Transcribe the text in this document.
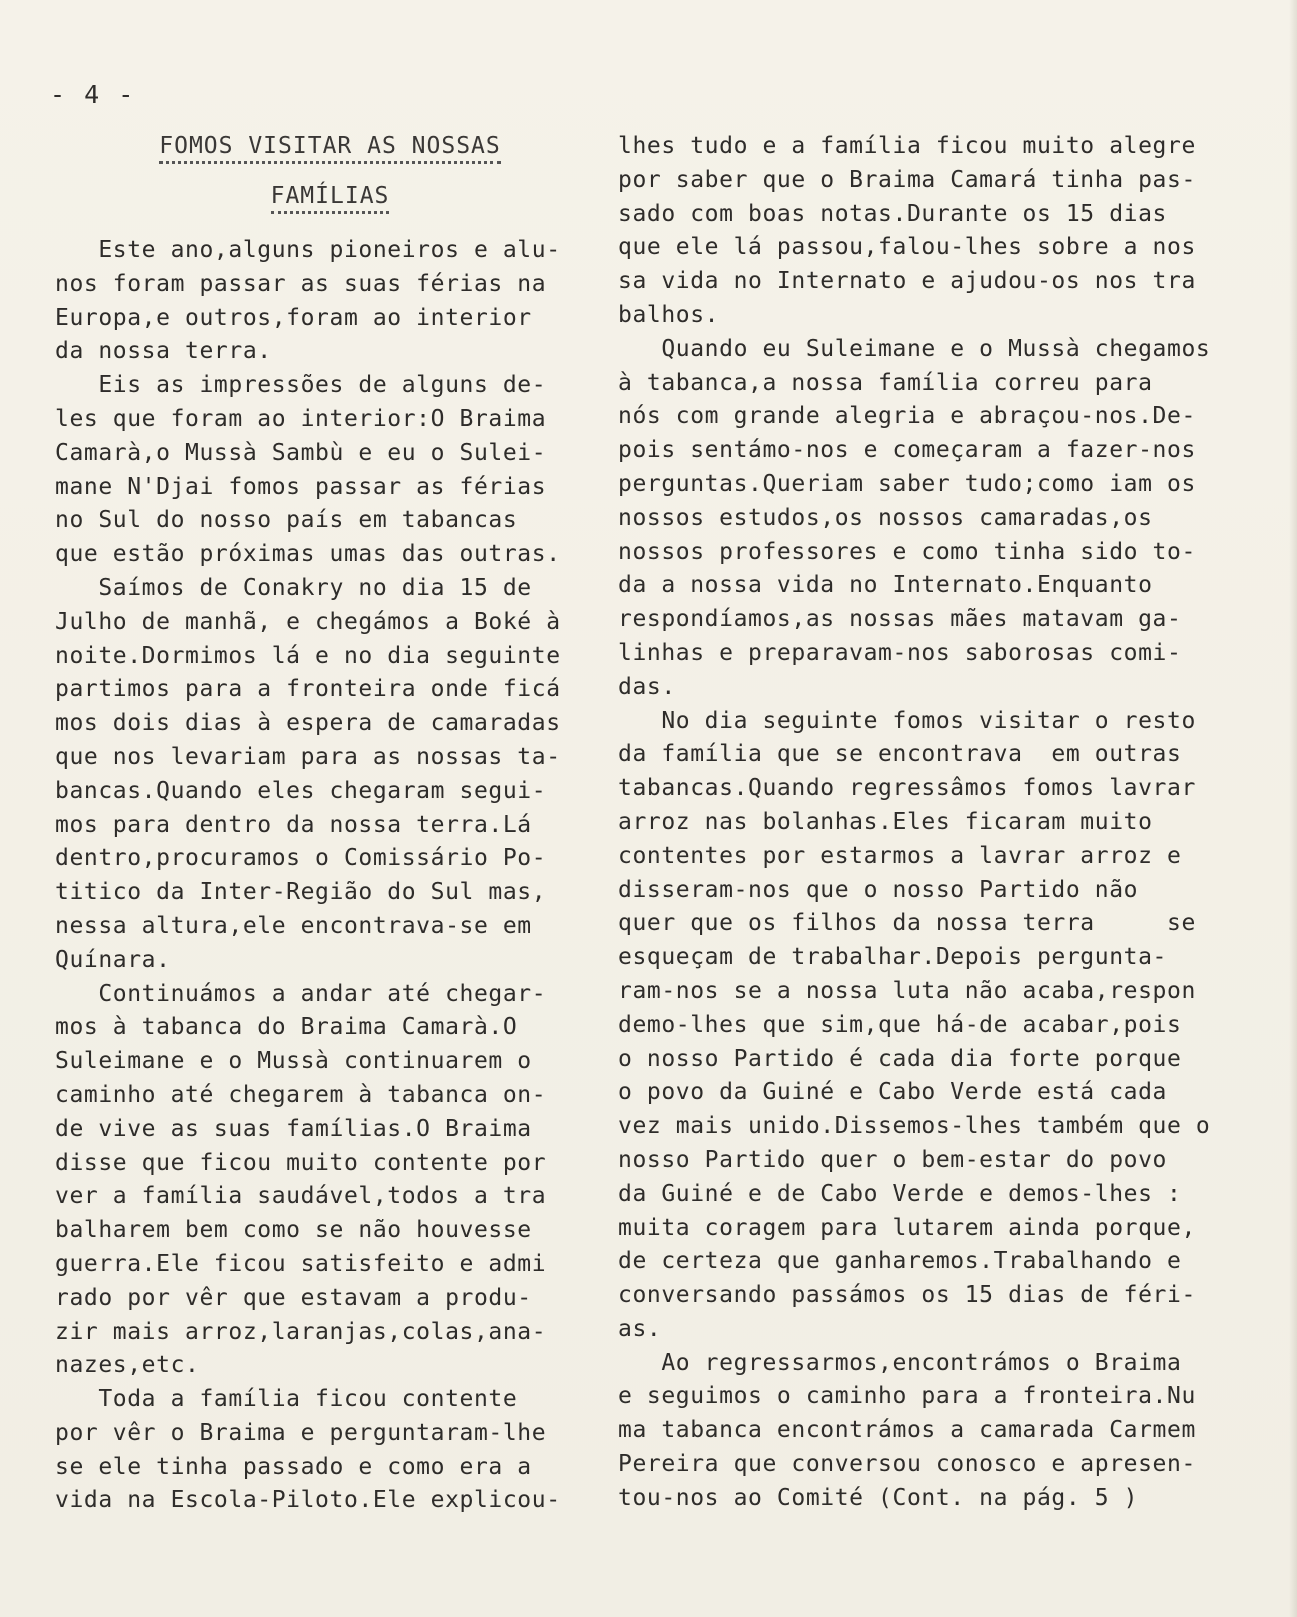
- 4 -
FOMOS VISITAR AS NOSSAS
FAMÍLIAS
Este ano,alguns pioneiros e alu-
nos foram passar as suas férias na
Europa,e outros,foram ao interior
da nossa terra.
Eis as impressões de alguns de-
les que foram ao interior:O Braima
Camarà,o Mussà Sambù e eu o Sulei-
mane N'Djai fomos passar as férias
no Sul do nosso país em tabancas
que estão próximas umas das outras.
Saímos de Conakry no dia 15 de
Julho de manhã, e chegámos a Boké à
noite.Dormimos lá e no dia seguinte
partimos para a fronteira onde ficá
mos dois dias à espera de camaradas
que nos levariam para as nossas ta-
bancas.Quando eles chegaram segui-
mos para dentro da nossa terra.Lá
dentro,procuramos o Comissário Po-
titico da Inter-Região do Sul mas,
nessa altura,ele encontrava-se em
Quínara.
Continuámos a andar até chegar-
mos à tabanca do Braima Camarà.O
Suleimane e o Mussà continuarem o
caminho até chegarem à tabanca on-
de vive as suas famílias.O Braima
disse que ficou muito contente por
ver a família saudável,todos a tra
balharem bem como se não houvesse
guerra.Ele ficou satisfeito e admi
rado por vêr que estavam a produ-
zir mais arroz,laranjas,colas,ana-
nazes,etc.
Toda a família ficou contente
por vêr o Braima e perguntaram-lhe
se ele tinha passado e como era a
vida na Escola-Piloto.Ele explicou-
lhes tudo e a família ficou muito alegre
por saber que o Braima Camará tinha pas-
sado com boas notas.Durante os 15 dias
que ele lá passou,falou-lhes sobre a nos
sa vida no Internato e ajudou-os nos tra
balhos.
Quando eu Suleimane e o Mussà chegamos
à tabanca,a nossa família correu para
nós com grande alegria e abraçou-nos.De-
pois sentámo-nos e começaram a fazer-nos
perguntas.Queriam saber tudo;como iam os
nossos estudos,os nossos camaradas,os
nossos professores e como tinha sido to-
da a nossa vida no Internato.Enquanto
respondíamos,as nossas mães matavam ga-
linhas e preparavam-nos saborosas comi-
das.
No dia seguinte fomos visitar o resto
da família que se encontrava  em outras
tabancas.Quando regressâmos fomos lavrar
arroz nas bolanhas.Eles ficaram muito
contentes por estarmos a lavrar arroz e
disseram-nos que o nosso Partido não
quer que os filhos da nossa terra     se
esqueçam de trabalhar.Depois pergunta-
ram-nos se a nossa luta não acaba,respon
demo-lhes que sim,que há-de acabar,pois
o nosso Partido é cada dia forte porque
o povo da Guiné e Cabo Verde está cada
vez mais unido.Dissemos-lhes também que o
nosso Partido quer o bem-estar do povo
da Guiné e de Cabo Verde e demos-lhes :
muita coragem para lutarem ainda porque,
de certeza que ganharemos.Trabalhando e
conversando passámos os 15 dias de féri-
as.
Ao regressarmos,encontrámos o Braima
e seguimos o caminho para a fronteira.Nu
ma tabanca encontrámos a camarada Carmem
Pereira que conversou conosco e apresen-
tou-nos ao Comité (Cont. na pág. 5 )
